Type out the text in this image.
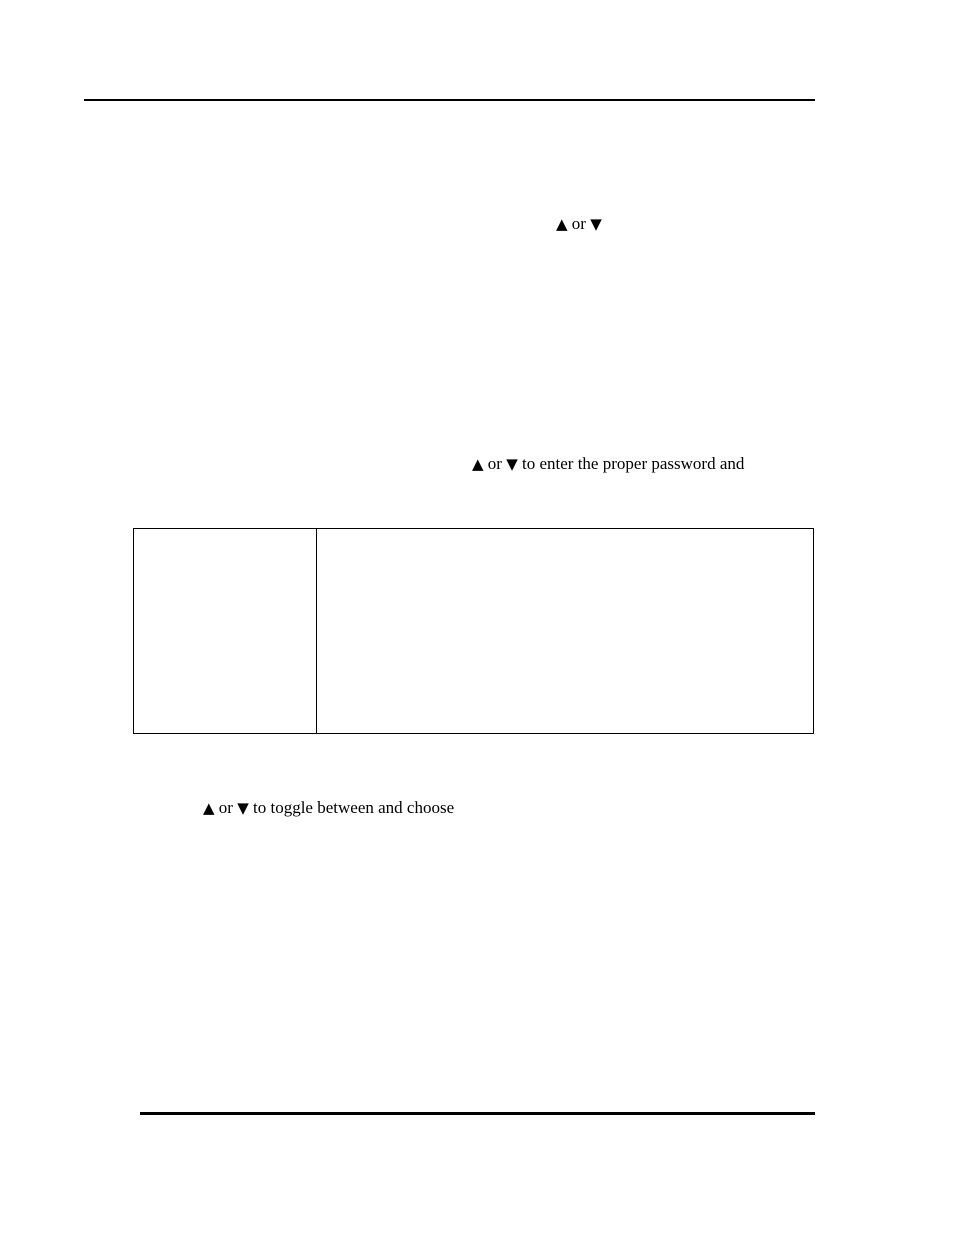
▲ or ▼
▲ or ▼ to enter the proper password and

▲ or ▼ to toggle between and choose
